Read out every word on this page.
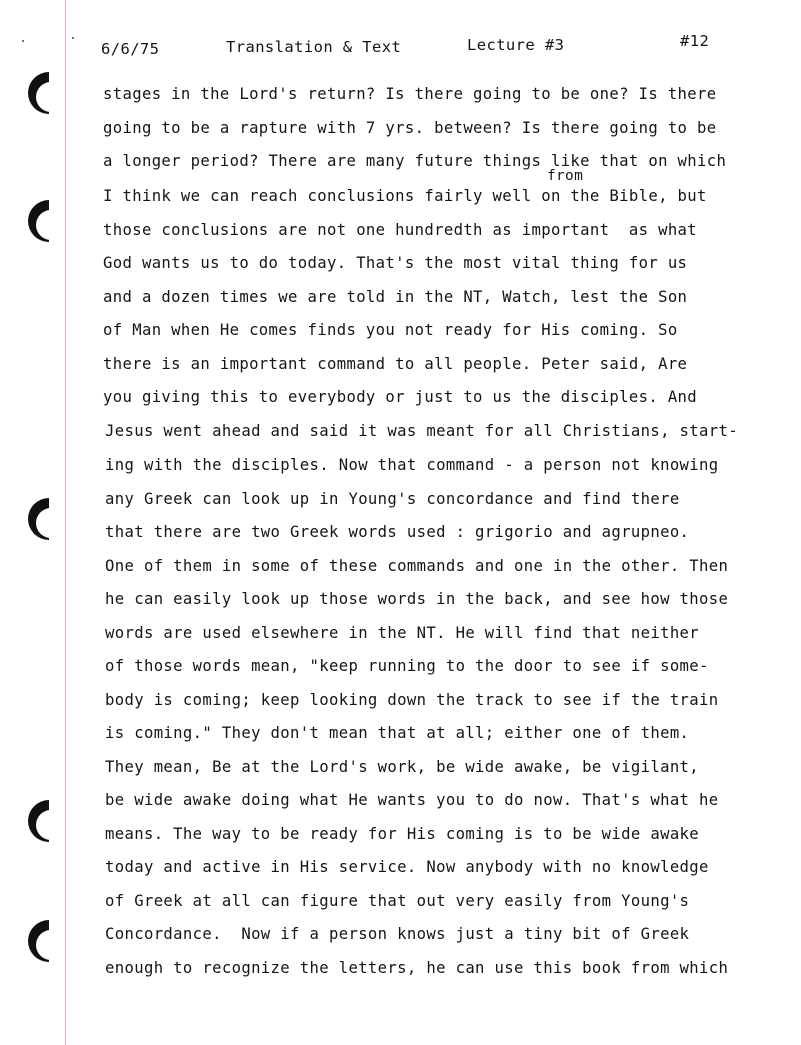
6/6/75	Translation & Text	Lecture #3	#12
from
stages in the Lord's return? Is there going to be one? Is there
going to be a rapture with 7 yrs. between? Is there going to be
a longer period? There are many future things like that on which
I think we can reach conclusions fairly well on the Bible, but
those conclusions are not one hundredth as important  as what
God wants us to do today. That's the most vital thing for us
and a dozen times we are told in the NT, Watch, lest the Son
of Man when He comes finds you not ready for His coming. So
there is an important command to all people. Peter said, Are
you giving this to everybody or just to us the disciples. And
Jesus went ahead and said it was meant for all Christians, start-
ing with the disciples. Now that command - a person not knowing
any Greek can look up in Young's concordance and find there
that there are two Greek words used : grigorio and agrupneo.
One of them in some of these commands and one in the other. Then
he can easily look up those words in the back, and see how those
words are used elsewhere in the NT. He will find that neither
of those words mean, "keep running to the door to see if some-
body is coming; keep looking down the track to see if the train
is coming." They don't mean that at all; either one of them.
They mean, Be at the Lord's work, be wide awake, be vigilant,
be wide awake doing what He wants you to do now. That's what he
means. The way to be ready for His coming is to be wide awake
today and active in His service. Now anybody with no knowledge
of Greek at all can figure that out very easily from Young's
Concordance.  Now if a person knows just a tiny bit of Greek
enough to recognize the letters, he can use this book from which
